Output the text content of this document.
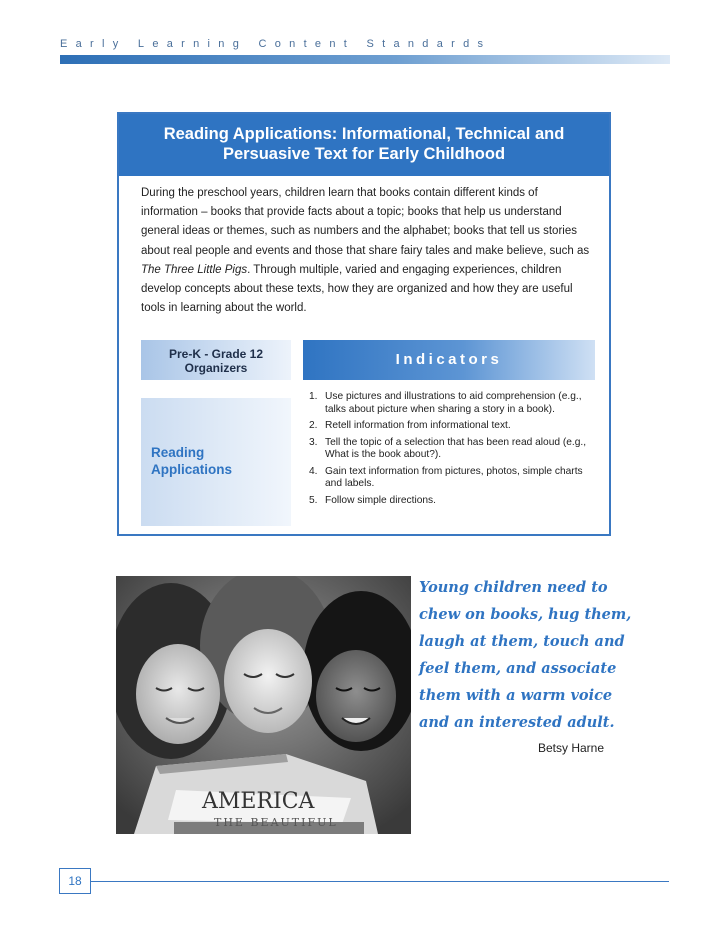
Early Learning Content Standards
Reading Applications: Informational, Technical and
Persuasive Text for Early Childhood
During the preschool years, children learn that books contain different kinds of information – books that provide facts about a topic; books that help us understand general ideas or themes, such as numbers and the alphabet; books that tell us stories about real people and events and those that share fairy tales and make believe, such as The Three Little Pigs. Through multiple, varied and engaging experiences, children develop concepts about these texts, how they are organized and how they are useful tools in learning about the world.
Pre-K - Grade 12
Organizers	Indicators
Reading
Applications
1. Use pictures and illustrations to aid comprehension (e.g., talks about picture when sharing a story in a book).
2. Retell information from informational text.
3. Tell the topic of a selection that has been read aloud (e.g., What is the book about?).
4. Gain text information from pictures, photos, simple charts and labels.
5. Follow simple directions.
AMERICA
THE BEAUTIFUL
Young children need to
chew on books, hug them,
laugh at them, touch and
feel them, and associate
them with a warm voice
and an interested adult.
Betsy Harne
18
